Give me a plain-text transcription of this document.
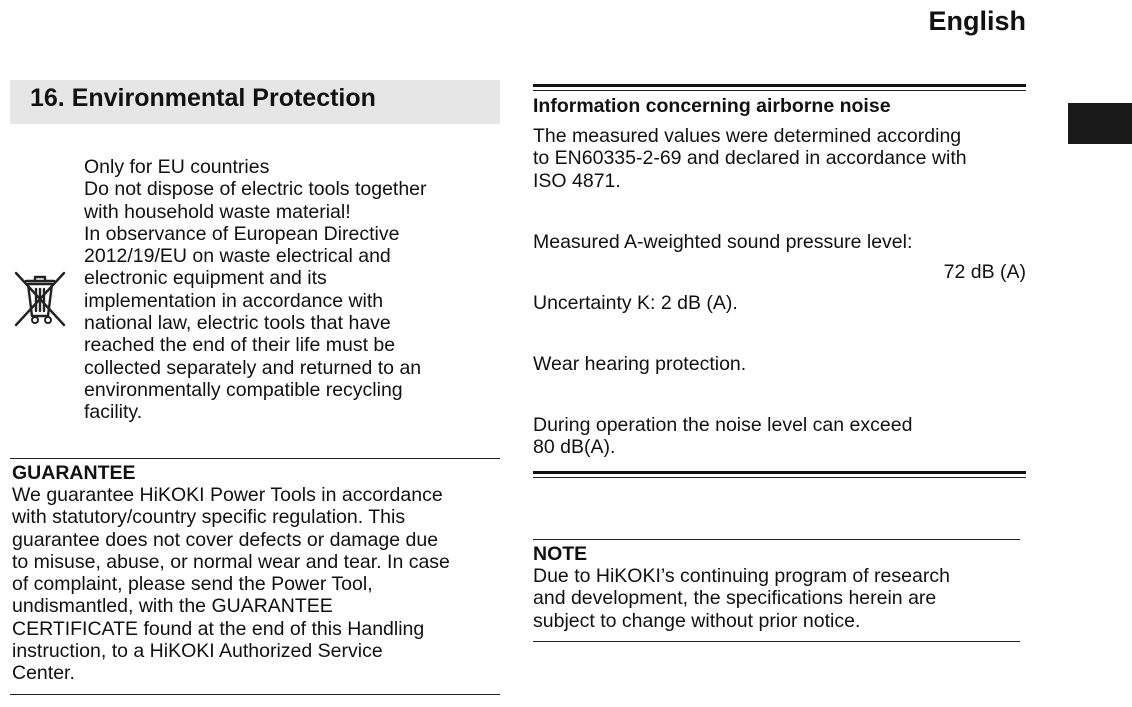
English
16. Environmental Protection
Only for EU countries
Do not dispose of electric tools together
with household waste material!
In observance of European Directive
2012/19/EU on waste electrical and
electronic equipment and its
implementation in accordance with
national law, electric tools that have
reached the end of their life must be
collected separately and returned to an
environmentally compatible recycling
facility.
GUARANTEE
We guarantee HiKOKI Power Tools in accordance
with statutory/country specific regulation. This
guarantee does not cover defects or damage due
to misuse, abuse, or normal wear and tear. In case
of complaint, please send the Power Tool,
undismantled, with the GUARANTEE
CERTIFICATE found at the end of this Handling
instruction, to a HiKOKI Authorized Service
Center.
Information concerning airborne noise
The measured values were determined according
to EN60335-2-69 and declared in accordance with
ISO 4871.
Measured A-weighted sound pressure level:
72 dB (A)
Uncertainty K: 2 dB (A).
Wear hearing protection.
During operation the noise level can exceed
80 dB(A).
NOTE
Due to HiKOKI’s continuing program of research
and development, the specifications herein are
subject to change without prior notice.
